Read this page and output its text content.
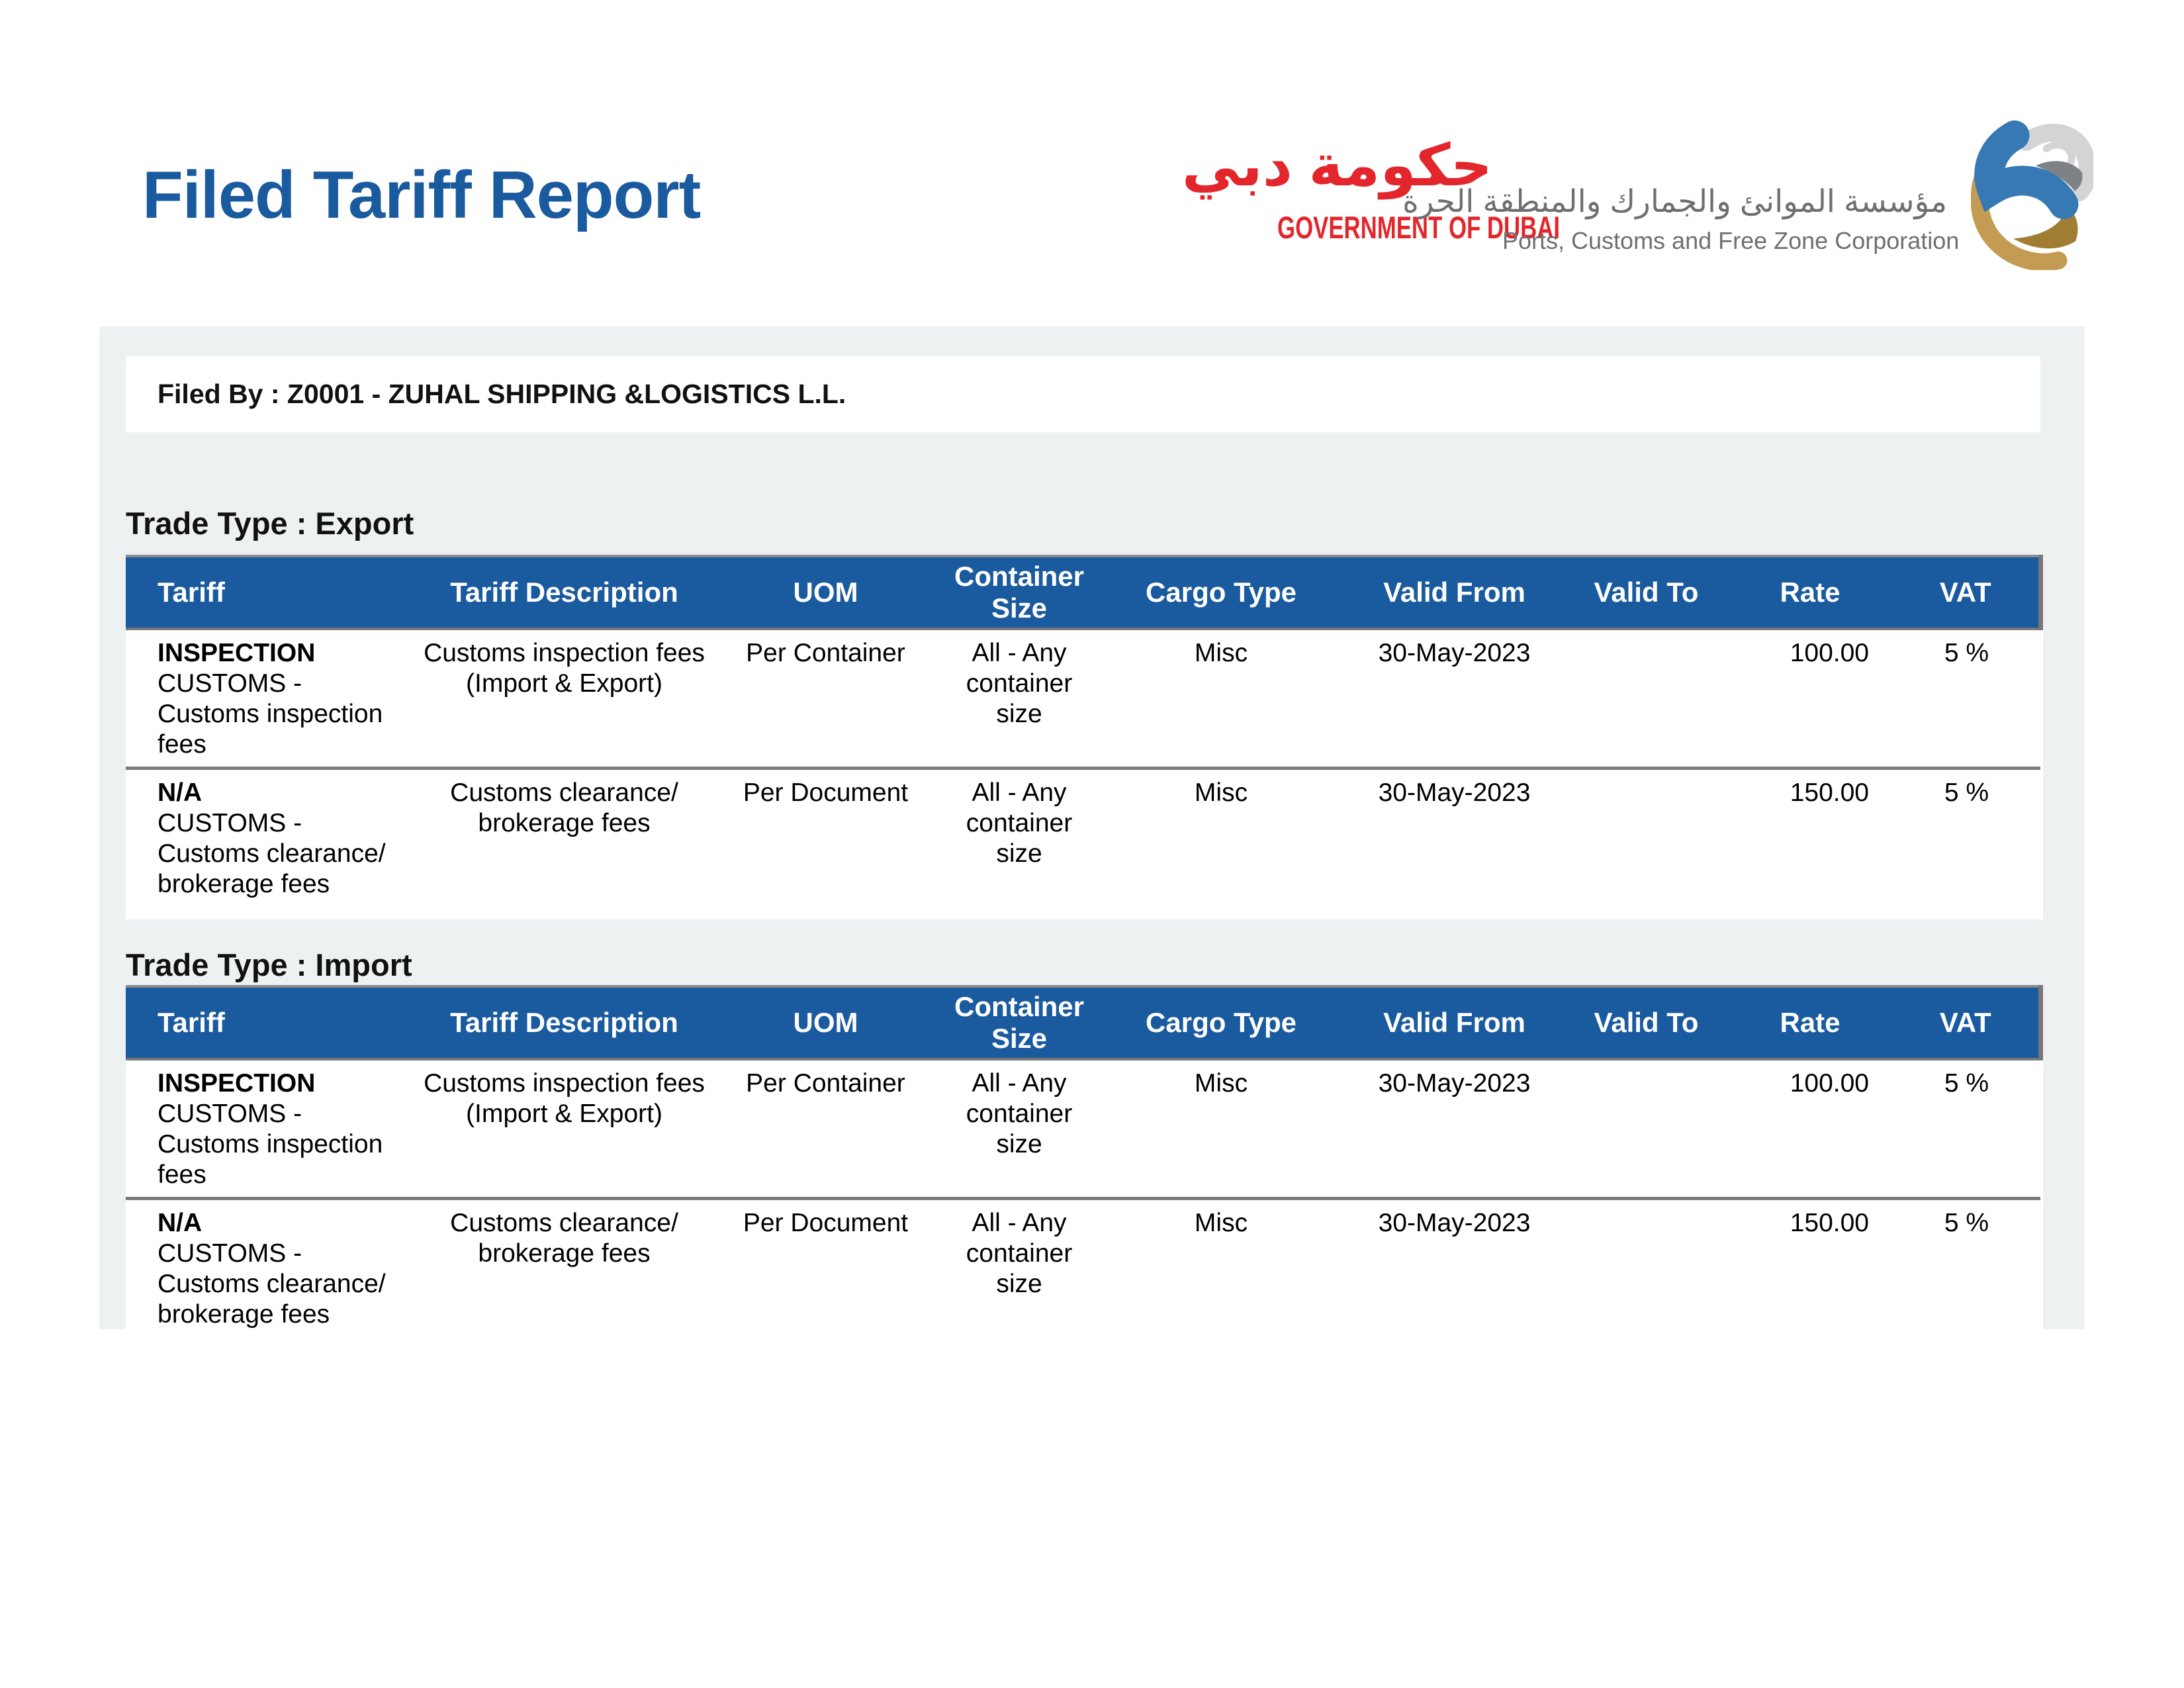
Filed Tariff Report	حكومة دبي
GOVERNMENT OF DUBAI
مؤسسة الموانئ والجمارك والمنطقة الحرة
Ports, Customs and Free Zone Corporation
Filed By : Z0001 - ZUHAL SHIPPING &LOGISTICS L.L.
Trade Type : Export
Tariff	Tariff Description	UOM	Container Size	Cargo Type	Valid From	Valid To	Rate	VAT

INSPECTION
CUSTOMS - Customs inspection fees	Customs inspection fees (Import & Export)	Per Container	All - Any container size	Misc	30-May-2023		100.00	5 %

N/A
CUSTOMS - Customs clearance/ brokerage fees	Customs clearance/ brokerage fees	Per Document	All - Any container size	Misc	30-May-2023		150.00	5 %
Trade Type : Import
Tariff	Tariff Description	UOM	Container Size	Cargo Type	Valid From	Valid To	Rate	VAT

INSPECTION
CUSTOMS - Customs inspection fees	Customs inspection fees (Import & Export)	Per Container	All - Any container size	Misc	30-May-2023		100.00	5 %

N/A
CUSTOMS - Customs clearance/ brokerage fees	Customs clearance/ brokerage fees	Per Document	All - Any container size	Misc	30-May-2023		150.00	5 %
